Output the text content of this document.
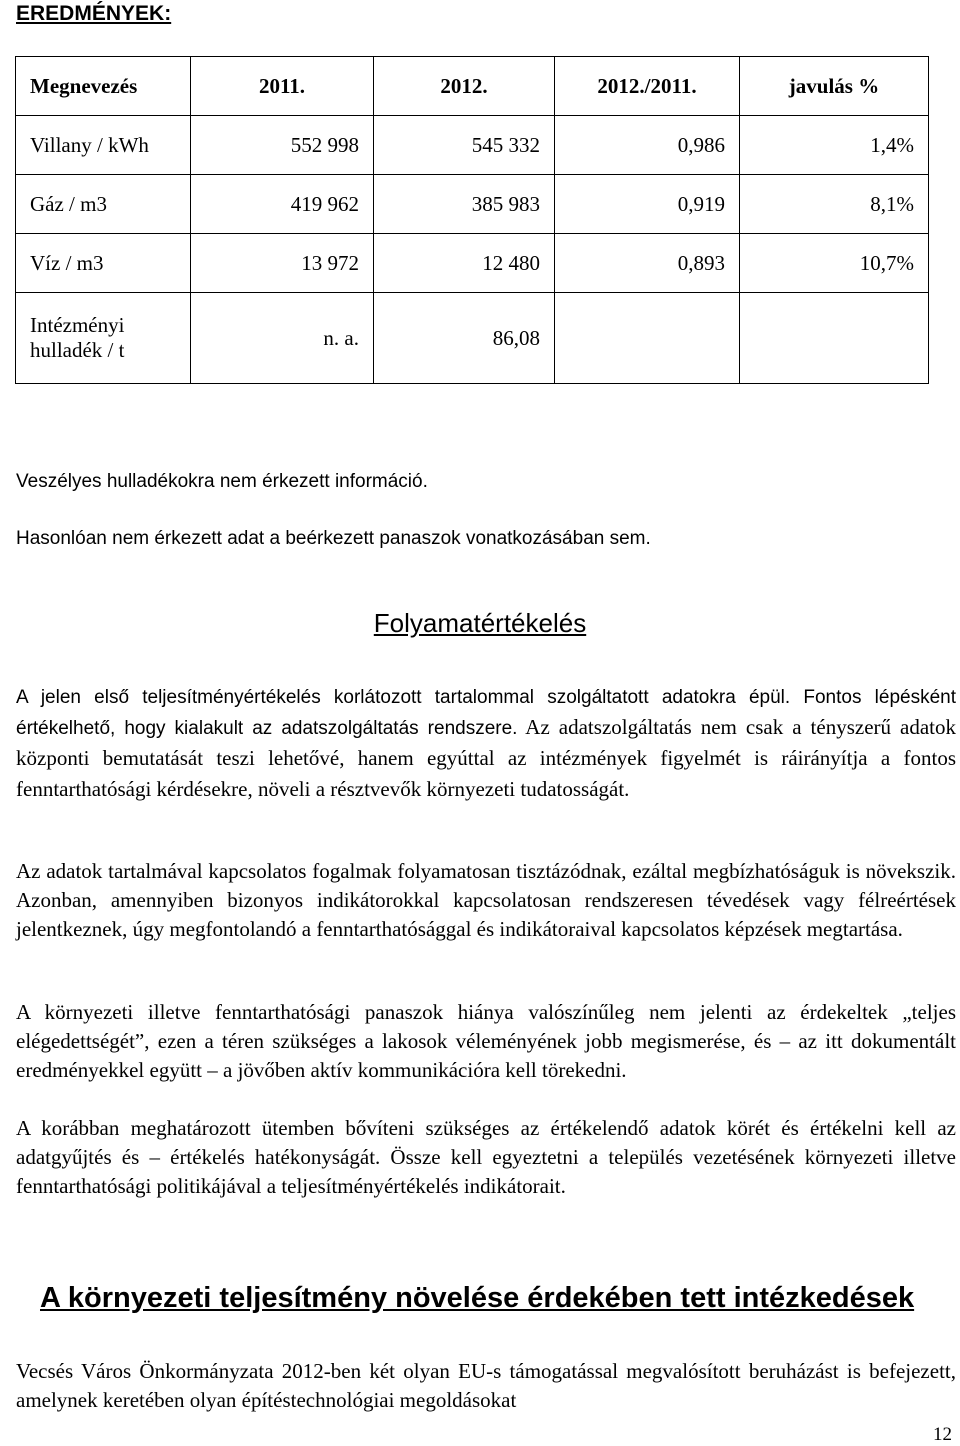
EREDMÉNYEK:
Megnevezés	2011.	2012.	2012./2011.	javulás %
Villany / kWh	552 998	545 332	0,986	1,4%
Gáz / m3	419 962	385 983	0,919	8,1%
Víz / m3	13 972	12 480	0,893	10,7%
Intézményi hulladék / t	n. a.	86,08		
Veszélyes hulladékokra nem érkezett információ.
Hasonlóan nem érkezett adat a beérkezett panaszok vonatkozásában sem.
Folyamatértékelés
A jelen első teljesítményértékelés korlátozott tartalommal szolgáltatott adatokra épül. Fontos lépésként értékelhető, hogy kialakult az adatszolgáltatás rendszere. Az adatszolgáltatás nem csak a tényszerű adatok központi bemutatását teszi lehetővé, hanem egyúttal az intézmények figyelmét is ráirányítja a fontos fenntarthatósági kérdésekre, növeli a résztvevők környezeti tudatosságát.
Az adatok tartalmával kapcsolatos fogalmak folyamatosan tisztázódnak, ezáltal megbízhatóságuk is növekszik. Azonban, amennyiben bizonyos indikátorokkal kapcsolatosan rendszeresen tévedések vagy félreértések jelentkeznek, úgy megfontolandó a fenntarthatósággal és indikátoraival kapcsolatos képzések megtartása.
A környezeti illetve fenntarthatósági panaszok hiánya valószínűleg nem jelenti az érdekeltek „teljes elégedettségét”, ezen a téren szükséges a lakosok véleményének jobb megismerése, és – az itt dokumentált eredményekkel együtt – a jövőben aktív kommunikációra kell törekedni.
A korábban meghatározott ütemben bővíteni szükséges az értékelendő adatok körét és értékelni kell az adatgyűjtés és – értékelés hatékonyságát. Össze kell egyeztetni a település vezetésének környezeti illetve fenntarthatósági politikájával a teljesítményértékelés indikátorait.
A környezeti teljesítmény növelése érdekében tett intézkedések
Vecsés Város Önkormányzata 2012-ben két olyan EU-s támogatással megvalósított beruházást is befejezett, amelynek keretében olyan építéstechnológiai megoldásokat
12
